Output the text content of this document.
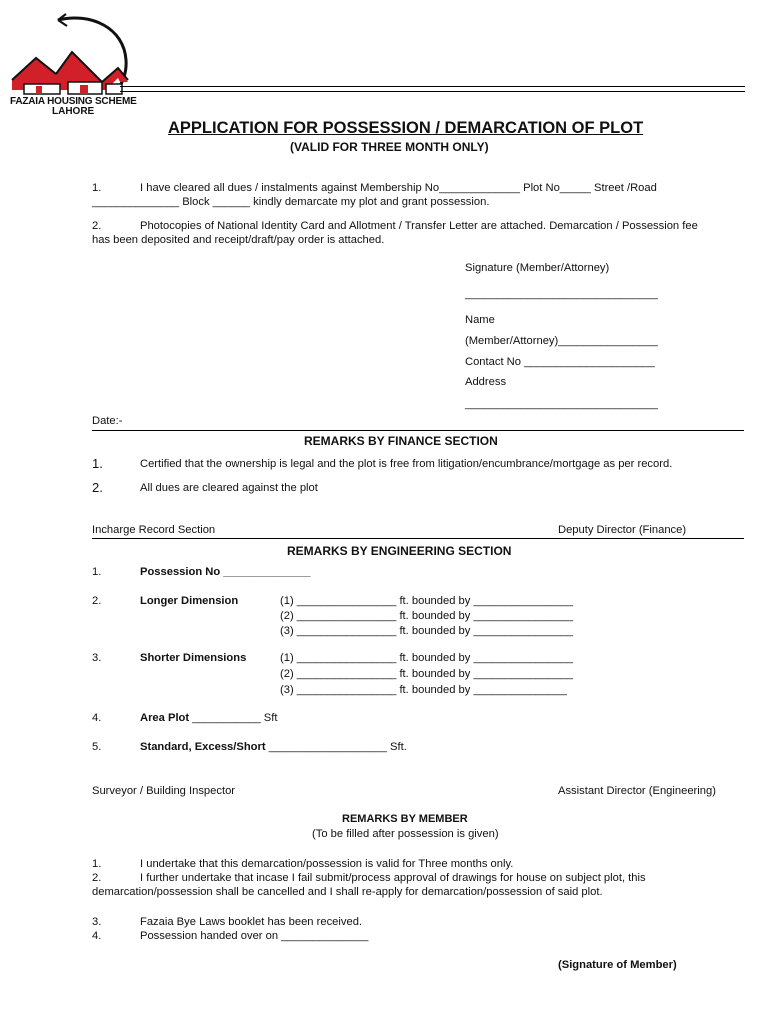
FAZAIA HOUSING SCHEME
LAHORE
APPLICATION FOR POSSESSION / DEMARCATION OF PLOT
(VALID FOR THREE MONTH ONLY)
1.	I have cleared all dues / instalments against Membership No_____________ Plot No_____ Street /Road
______________ Block ______ kindly demarcate my plot and grant possession.
2.	Photocopies of National Identity Card and Allotment / Transfer Letter are attached. Demarcation / Possession fee
has been deposited and receipt/draft/pay order is attached.
Signature (Member/Attorney)
_______________________________
Name
(Member/Attorney)________________
Contact No _____________________
Address
_______________________________
Date:-
REMARKS BY FINANCE SECTION
1.	Certified that the ownership is legal and the plot is free from litigation/encumbrance/mortgage as per record.
2.	All dues are cleared against the plot
Incharge Record Section	Deputy Director (Finance)
REMARKS BY ENGINEERING SECTION
1.	Possession No ______________
2.	Longer Dimension	(1) ________________ ft. bounded by ________________
(2) ________________ ft. bounded by ________________
(3) ________________ ft. bounded by ________________
3.	Shorter Dimensions	(1) ________________ ft. bounded by ________________
(2) ________________ ft. bounded by ________________
(3) ________________ ft. bounded by _______________
4.	Area Plot ___________ Sft
5.	Standard, Excess/Short ___________________ Sft.
Surveyor / Building Inspector	Assistant Director (Engineering)
REMARKS BY MEMBER
(To be filled after possession is given)
1.	I undertake that this demarcation/possession is valid for Three months only.
2.	I further undertake that incase I fail submit/process approval of drawings for house on subject plot, this
demarcation/possession shall be cancelled and I shall re-apply for demarcation/possession of said plot.
3.	Fazaia Bye Laws booklet has been received.
4.	Possession handed over on ______________
(Signature of Member)
